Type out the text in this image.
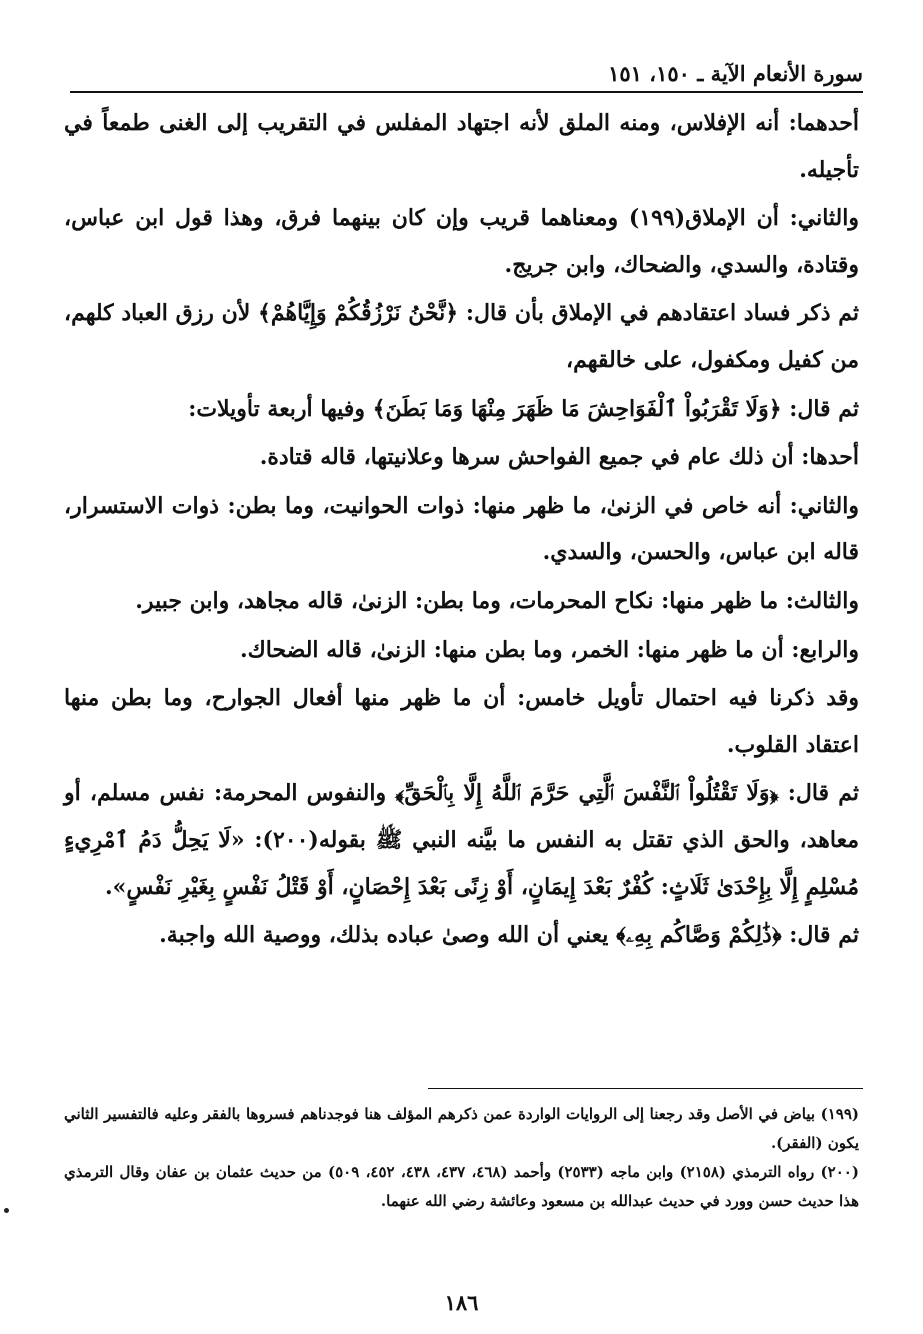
سورة الأنعام الآية ـ ١٥٠، ١٥١

أحدهما: أنه الإفلاس، ومنه الملق لأنه اجتهاد المفلس في التقريب إلى الغنى طمعاً في تأجيله.

والثاني: أن الإملاق(١٩٩) ومعناهما قريب وإن كان بينهما فرق، وهذا قول ابن عباس، وقتادة، والسدي، والضحاك، وابن جريج.

ثم ذكر فساد اعتقادهم في الإملاق بأن قال: ﴿نَّحْنُ نَرْزُقُكُمْ وَإِيَّاهُمْ﴾ لأن رزق العباد كلهم، من كفيل ومكفول، على خالقهم،

ثم قال: ﴿وَلَا تَقْرَبُواْ ٱلْفَوَاحِشَ مَا ظَهَرَ مِنْهَا وَمَا بَطَنَ﴾ وفيها أربعة تأويلات:

أحدها: أن ذلك عام في جميع الفواحش سرها وعلانيتها، قاله قتادة.

والثاني: أنه خاص في الزنىٰ، ما ظهر منها: ذوات الحوانيت، وما بطن: ذوات الاستسرار، قاله ابن عباس، والحسن، والسدي.

والثالث: ما ظهر منها: نكاح المحرمات، وما بطن: الزنىٰ، قاله مجاهد، وابن جبير.

والرابع: أن ما ظهر منها: الخمر، وما بطن منها: الزنىٰ، قاله الضحاك.

وقد ذكرنا فيه احتمال تأويل خامس: أن ما ظهر منها أفعال الجوارح، وما بطن منها اعتقاد القلوب.

ثم قال: ﴿وَلَا تَقْتُلُواْ ٱلنَّفْسَ ٱلَّتِي حَرَّمَ ٱللَّهُ إِلَّا بِٱلْحَقِّ﴾ والنفوس المحرمة: نفس مسلم، أو معاهد، والحق الذي تقتل به النفس ما بيَّنه النبي ﷺ بقوله(٢٠٠): «لَا يَحِلُّ دَمُ ٱمْرِيءٍ مُسْلِمٍ إِلَّا بِإِحْدَىٰ ثَلَاثٍ: كُفْرٌ بَعْدَ إِيمَانٍ، أَوْ زِنًى بَعْدَ إِحْصَانٍ، أَوْ قَتْلُ نَفْسٍ بِغَيْرِ نَفْسٍ».

ثم قال: ﴿ذَٰلِكُمْ وَصَّاكُم بِهِۦ﴾ يعني أن الله وصىٰ عباده بذلك، ووصية الله واجبة.

(١٩٩) بياض في الأصل وقد رجعنا إلى الروايات الواردة عمن ذكرهم المؤلف هنا فوجدناهم فسروها بالفقر وعليه فالتفسير الثاني يكون (الفقر).

(٢٠٠) رواه الترمذي (٢١٥٨) وابن ماجه (٢٥٣٣) وأحمد (٤٦٨، ٤٣٧، ٤٣٨، ٤٥٢، ٥٠٩) من حديث عثمان بن عفان وقال الترمذي هذا حديث حسن وورد في حديث عبدالله بن مسعود وعائشة رضي الله عنهما.

١٨٦
